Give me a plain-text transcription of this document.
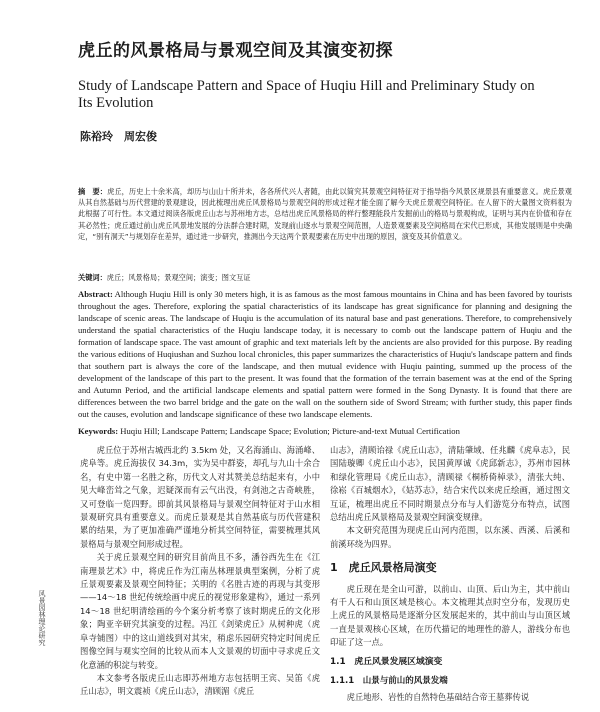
虎丘的风景格局与景观空间及其演变初探
Study of Landscape Pattern and Space of Huqiu Hill and Preliminary Study on Its Evolution
陈裕玲　周宏俊
摘　要：虎丘，历史上十余米高，却历与山山十所并未，各各所代兴人者随，由此以简究其景观空间特征对于指导指今风景区规景县有重要意义。虎丘景观从其自然基础与历代营建的景观建设，因此梳理出虎丘风景格局与景观空间的形成过程才能全面了解今天虎丘景观空间特征。在人留下的大量图文资料很为此根据了可行性。本文通过阅读各版虎丘山志与苏州地方志，总结出虎丘风景格局的样行整理能段片发掘前山的格局与景观构成，证明与其内在价值和存在其必然性；虎丘通过前山虎丘风景地发展的分法群合建时期，发现前山逐水与景观空间范围，人造景观要素及空间格局在宋代已形成，其他发展则是中央确定，“别有洞天”与规划存在差异，通过进一步研究，推测出今天这两个景观要素在历史中出现的原因，演变及其价值意义。
关键词：虎丘；风景格局；景观空间；演变；图文互证
Abstract: Although Huqiu Hill is only 30 meters high, it is as famous as the most famous mountains in China and has been favored by tourists throughout the ages. Therefore, exploring the spatial characteristics of its landscape has great significance for planning and designing the landscape of scenic areas. The landscape of Huqiu is the accumulation of its natural base and past generations. Therefore, to comprehensively understand the spatial characteristics of the Huqiu landscape today, it is necessary to comb out the landscape pattern of Huqiu and the formation of landscape space. The vast amount of graphic and text materials left by the ancients are also provided for this purpose. By reading the various editions of Huqiushan and Suzhou local chronicles, this paper summarizes the characteristics of Huqiu's landscape pattern and finds that southern part is always the core of the landscape, and then mutual evidence with Huqiu painting, summed up the process of the development of the landscape of this part to the present. It was found that the formation of the terrain basement was at the end of the Spring and Autumn Period, and the artificial landscape elements and spatial pattern were formed in the Song Dynasty. It is found that there are differences between the two barrel bridge and the gate on the wall on the southern side of Sword Stream; with further study, this paper finds out the causes, evolution and landscape significance of these two landscape elements.
Keywords: Huqiu Hill; Landscape Pattern; Landscape Space; Evolution; Picture-and-text Mutual Certification
风景园林理论研究

虎丘位于苏州古城西北约 3.5km 处，又名海涌山、海涌峰、虎阜等。虎丘海拔仅 34.3m，实为吴中群姿，却孔与九山十余合名，有史中第一名胜之称，历代文人对其赞美总结起来有，小中见大峰峦耸之气象，迟疑深而有云气出没，有剑池之古奇峡胜，又可登临一览四野。即前其风景格局与景观空间特征对于山水相景观研究具有重要意义。而虎丘景观是其自然基底与历代营建积累的结果，为了更加准确严谨地分析其空间特征，需要梳理其风景格局与景观空间形成过程。

关于虎丘景观空间的研究目前尚且不多，潘谷西先生在《江南理景艺术》中，将虎丘作为江南丛林理景典型案例，分析了虎丘景观要素及景观空间特征；关明的《名胜古迹的再现与其变形——14～18 世纪传统绘画中虎丘的视觉形象建构》，通过一系列 14～18 世纪明清绘画的今个案分析考察了该时期虎丘的文化形象；陶亚辛研究其演变的过程。冯江《剑梁虎丘》从树种虎（虎阜寺铺图）中的这山道线到对其宋，稍虑乐园研究特定时间虎丘图像空间与观实空间的比较从而本人文景观的切面中寻求虎丘文化意涵的积淀与转变。

本文参考各版虎丘山志即苏州地方志包括明王宾、吴笛《虎丘山志》，明文震祯《虎丘山志》，清顾湄《虎丘

山志》，清顾诒禄《虎丘山志》，清陆肇域、任兆麟《虎阜志》，民国陆璇卿《虎丘山小志》，民国黄厚诚《虎邱新志》，苏州市园林和绿化管理局《虎丘山志》，清顾禄《桐桥倚棹录》，清张大纯、徐崧《百城烟水》，《姑苏志》，结合宋代以来虎丘绘画，通过图文互证，梳理出虎丘不同时期景点分布与人们游览分布特点，试图总结出虎丘风景格局及景观空间演变规律。

本文研究范围为现虎丘山河内范围，以东溪、西溪、后溪和前溪环绕为四界。

1　虎丘风景格局演变

虎丘现在是全山可游，以前山、山顶、后山为主，其中前山有千人石和山顶区域是核心。本文梳理其点时空分布，发现历史上虎丘的风景格局是逐渐分区发展起来的，其中前山与山顶区域一直是景观核心区域，在历代描记的地理性的游人，游线分布也印证了这一点。

1.1　虎丘风景发展区域演变
1.1.1　山景与前山的风景发端

虎丘地形、岩性的自然特色基础结合帝王墓葬传说
